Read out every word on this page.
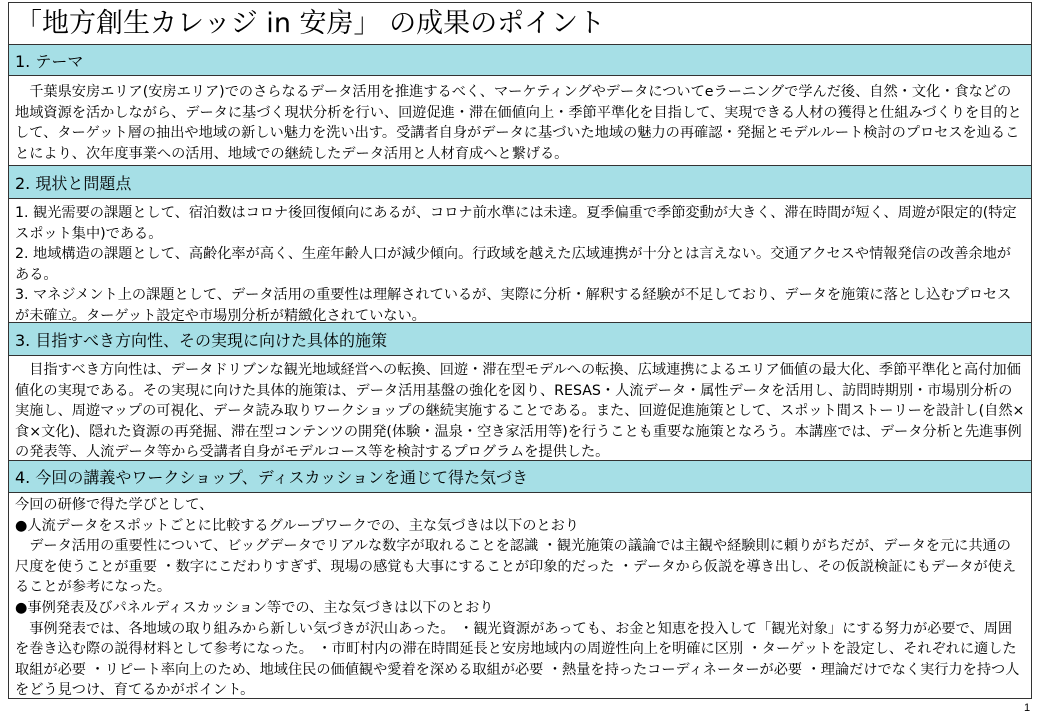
「地方創生カレッジ in 安房」 の成果のポイント
1. テーマ

千葉県安房エリア(安房エリア)でのさらなるデータ活用を推進するべく、マーケティングやデータについてeラーニングで学んだ後、自然・文化・食などの地域資源を活かしながら、データに基づく現状分析を行い、回遊促進・滞在価値向上・季節平準化を目指して、実現できる人材の獲得と仕組みづくりを目的として、ターゲット層の抽出や地域の新しい魅力を洗い出す。受講者自身がデータに基づいた地域の魅力の再確認・発掘とモデルルート検討のプロセスを辿ることにより、次年度事業への活用、地域での継続したデータ活用と人材育成へと繋げる。

2. 現状と問題点

1. 観光需要の課題として、宿泊数はコロナ後回復傾向にあるが、コロナ前水準には未達。夏季偏重で季節変動が大きく、滞在時間が短く、周遊が限定的(特定スポット集中)である。

2. 地域構造の課題として、高齢化率が高く、生産年齢人口が減少傾向。行政域を越えた広域連携が十分とは言えない。交通アクセスや情報発信の改善余地がある。

3. マネジメント上の課題として、データ活用の重要性は理解されているが、実際に分析・解釈する経験が不足しており、データを施策に落とし込むプロセスが未確立。ターゲット設定や市場別分析が精緻化されていない。

3. 目指すべき方向性、その実現に向けた具体的施策

目指すべき方向性は、データドリブンな観光地域経営への転換、回遊・滞在型モデルへの転換、広域連携によるエリア価値の最大化、季節平準化と高付加価値化の実現である。その実現に向けた具体的施策は、データ活用基盤の強化を図り、RESAS・人流データ・属性データを活用し、訪問時期別・市場別分析の実施し、周遊マップの可視化、データ読み取りワークショップの継続実施することである。また、回遊促進施策として、スポット間ストーリーを設計し(自然×食×文化)、隠れた資源の再発掘、滞在型コンテンツの開発(体験・温泉・空き家活用等)を行うことも重要な施策となろう。本講座では、データ分析と先進事例の発表等、人流データ等から受講者自身がモデルコース等を検討するプログラムを提供した。

4. 今回の講義やワークショップ、ディスカッションを通じて得た気づき

今回の研修で得た学びとして、

●人流データをスポットごとに比較するグループワークでの、主な気づきは以下のとおり

データ活用の重要性について、ビッグデータでリアルな数字が取れることを認識 ・観光施策の議論では主観や経験則に頼りがちだが、データを元に共通の尺度を使うことが重要 ・数字にこだわりすぎず、現場の感覚も大事にすることが印象的だった ・データから仮説を導き出し、その仮説検証にもデータが使えることが参考になった。

●事例発表及びパネルディスカッション等での、主な気づきは以下のとおり

事例発表では、各地域の取り組みから新しい気づきが沢山あった。 ・観光資源があっても、お金と知恵を投入して「観光対象」にする努力が必要で、周囲を巻き込む際の説得材料として参考になった。 ・市町村内の滞在時間延長と安房地域内の周遊性向上を明確に区別 ・ターゲットを設定し、それぞれに適した取組が必要 ・リピート率向上のため、地域住民の価値観や愛着を深める取組が必要 ・熱量を持ったコーディネーターが必要 ・理論だけでなく実行力を持つ人をどう見つけ、育てるかがポイント。

1
